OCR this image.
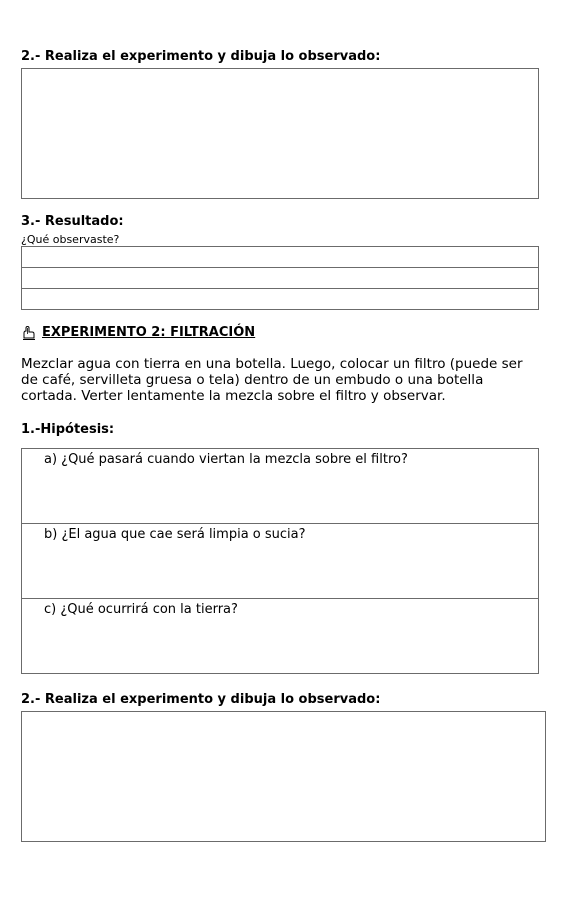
2.- Realiza el experimento y dibuja lo observado:
3.- Resultado:
¿Qué observaste?

EXPERIMENTO 2: FILTRACIÓN
Mezclar agua con tierra en una botella. Luego, colocar un filtro (puede ser de café, servilleta gruesa o tela) dentro de un embudo o una botella cortada. Verter lentamente la mezcla sobre el filtro y observar.
1.-Hipótesis:
a) ¿Qué pasará cuando viertan la mezcla sobre el filtro?
b) ¿El agua que cae será limpia o sucia?
c) ¿Qué ocurrirá con la tierra?
2.- Realiza el experimento y dibuja lo observado:
